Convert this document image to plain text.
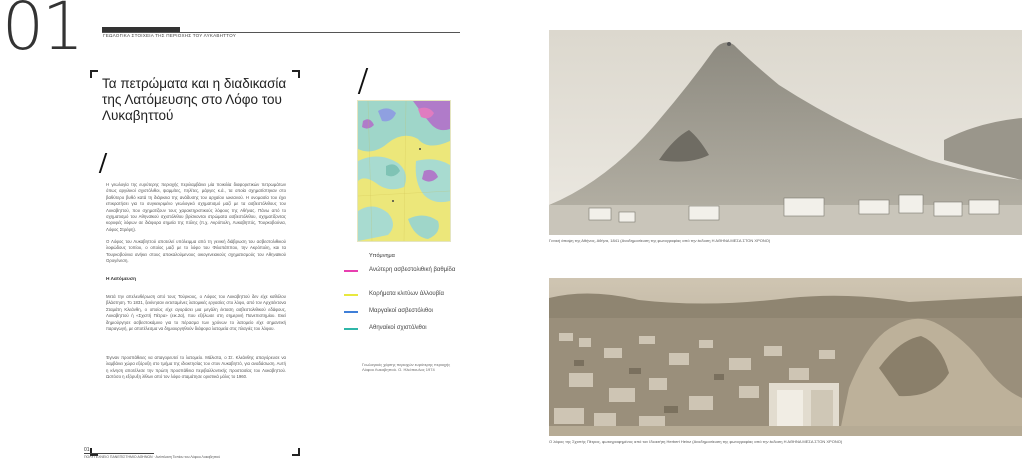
01	ΓΕΩΛΟΓΙΚΑ ΣΤΟΙΧΕΙΑ ΤΗΣ ΠΕΡΙΟΧΗΣ ΤΟΥ ΛΥΚΑΒΗΤΤΟΥ
Τα πετρώματα και η διαδικασία της Λατόμευσης στο Λόφο του Λυκαβηττού
Η γεωλογία της ευρύτερης περιοχής περιλαμβάνει μία ποικιλία διαφορετικών πετρωμάτων όπως αργιλικοί σχιστόλιθοι, ψαμμίτες, πηλίτες, μάργες κ.ά., τα οποία σχηματίστηκαν στο βαθύτερο βυθό κατά τη διάρκεια της ανάδυσης του αρχαίου ωκεανού. Η ονομασία του έχει επικρατήσει για το συγκεκριμένο γεωλογικό σχηματισμό μαζί με τα ασβεστόλιθους του Λυκαβηττού, που σχηματίζουν τους χαρακτηριστικούς λόφους της Αθήνας. Πάνω από το σχηματισμό του Αθηναϊκού σχιστόλιθου βρίσκονται στρώματα ασβεστόλιθου, σχηματίζοντας κορυφές λόφων σε διάφορα σημεία της πόλης (π.χ. Ακρόπολη, Λυκαβηττός, Τουρκοβούνια, Λόφος Στρέφη).
Ο Λόφος του Λυκαβηττού αποτελεί υπόλειμμα από τη γενική διάβρωση του ασβεστολιθικού λοφώδους τοπίου, ο οποίος μαζί με το λόφο του Φιλοπάππου, την Ακρόπολη, και τα Τουρκοβούνια ανήκει στους αποκαλούμενους οικογενειακούς σχηματισμούς του Αθηναϊκού Ορογένεση.
Η Λατόμευση
Μετά την απελευθέρωση από τους Τούρκους, ο Λόφος του Λυκαβηττού δεν είχε καθόλου βλάστηση. Το 1831, ξεκίνησαν εκτεταμένες λατομικές εργασίες στο λόφο, από τον Αρχιτέκτονα Σταμάτη Κλεάνθη, ο οποίος είχε αγοράσει μια μεγάλη έκταση ασβεστολιθικού εδάφους, Λυκαβηττού ή «Σχιστή Πέτρα» (εικ.2α), που εξήλωσε στη σημερινή Πανεπιστημίου. Εκεί δημιούργησε ασβεστοκάμινο για το πέρασμα των χρόνων το λατομείο είχε σημαντική παραγωγή, με αποτέλεσμα να δημιουργηθούν διάφορα λατομεία στις πλαγιές του λόφου.
Έγιναν προσπάθειες να απαγορευτεί το λατομείο. Μάλιστα, ο Στ. Κλεάνθης απαγόρευσε να λαμβάνει χώρα εξόρυξη στο τμήμα της ιδιοκτησίας του στον Λυκαβηττό, για αναδάσωση. Αυτή η κίνηση αποτέλεσε την πρώτη προσπάθεια περιβαλλοντικής προστασίας του Λυκαβηττού. Ωστόσο η εξόρυξη λίθων από τον λόφο σταμάτησε οριστικά μόλις το 1960.
Υπόμνημα
Ανώτερη ασβεστολιθική βαθμίδα
Κορήματα κλιτύων άλλουβία
Μαργαϊκοί ασβεστόλιθοι
Αθηναϊκοί σχιστόλιθοι
Γεωλογικός χάρτης περιοχών ευρύτερης περιοχής Λόφου Λυκαβηττού. Ο. Ηλιόπουλος 1974
Γενική άποψη της Αθήνας, Αθήνα, 1841 (Αναδημοσίευση της φωτογραφίας από την έκδοση Η ΑΘΗΝΑ ΜΕΣΑ ΣΤΟΝ ΧΡΟΝΟ)
Ο λόφος της Σχιστής Πέτρας, φωτογραφημένος από τον Ιδιοκτήτη Herbert Heinz (Αναδημοσίευση της φωτογραφίας από την έκδοση Η ΑΘΗΝΑ ΜΕΣΑ ΣΤΟΝ ΧΡΟΝΟ)
01
ΠΟΛΥΤΕΧΝΕΙΟ ΠΑΝΕΠΙΣΤΗΜΙΟ ΑΘΗΝΩΝ · Ανάπλαση Τοπίου του Λόφου Λυκαβηττού
